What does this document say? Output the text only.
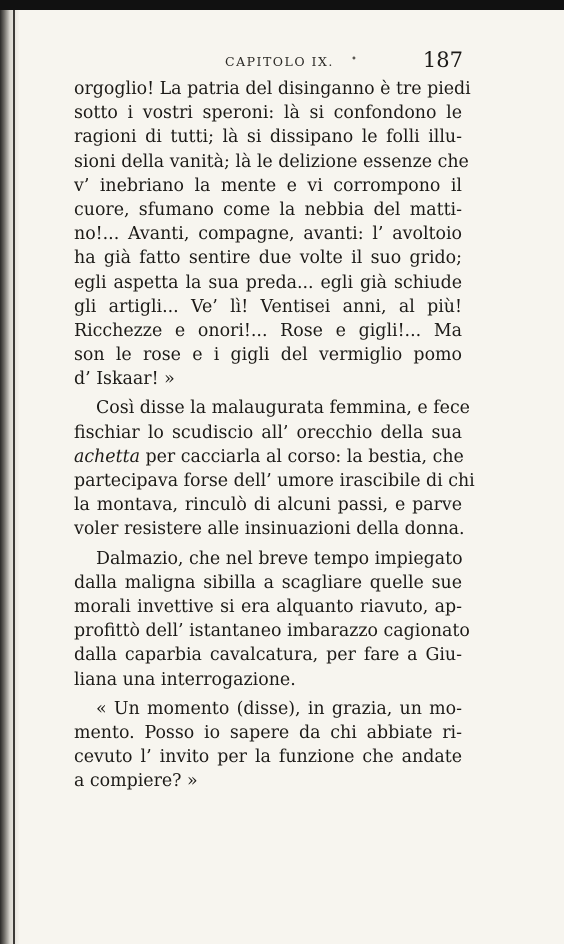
CAPITOLO IX. •	187
orgoglio! La patria del disinganno è tre piedi
sotto i vostri speroni: là si confondono le
ragioni di tutti; là si dissipano le folli illu-
sioni della vanità; là le delizione essenze che
v’ inebriano la mente e vi corrompono il
cuore, sfumano come la nebbia del matti-
no!... Avanti, compagne, avanti: l’ avoltoio
ha già fatto sentire due volte il suo grido;
egli aspetta la sua preda... egli già schiude
gli artigli... Ve’ lì! Ventisei anni, al più!
Ricchezze e onori!... Rose e gigli!... Ma
son le rose e i gigli del vermiglio pomo
d’ Iskaar! »
Così disse la malaugurata femmina, e fece
fischiar lo scudiscio all’ orecchio della sua
achetta per cacciarla al corso: la bestia, che
partecipava forse dell’ umore irascibile di chi
la montava, rinculò di alcuni passi, e parve
voler resistere alle insinuazioni della donna.
Dalmazio, che nel breve tempo impiegato
dalla maligna sibilla a scagliare quelle sue
morali invettive si era alquanto riavuto, ap-
profittò dell’ istantaneo imbarazzo cagionato
dalla caparbia cavalcatura, per fare a Giu-
liana una interrogazione.
« Un momento (disse), in grazia, un mo-
mento. Posso io sapere da chi abbiate ri-
cevuto l’ invito per la funzione che andate
a compiere? »
